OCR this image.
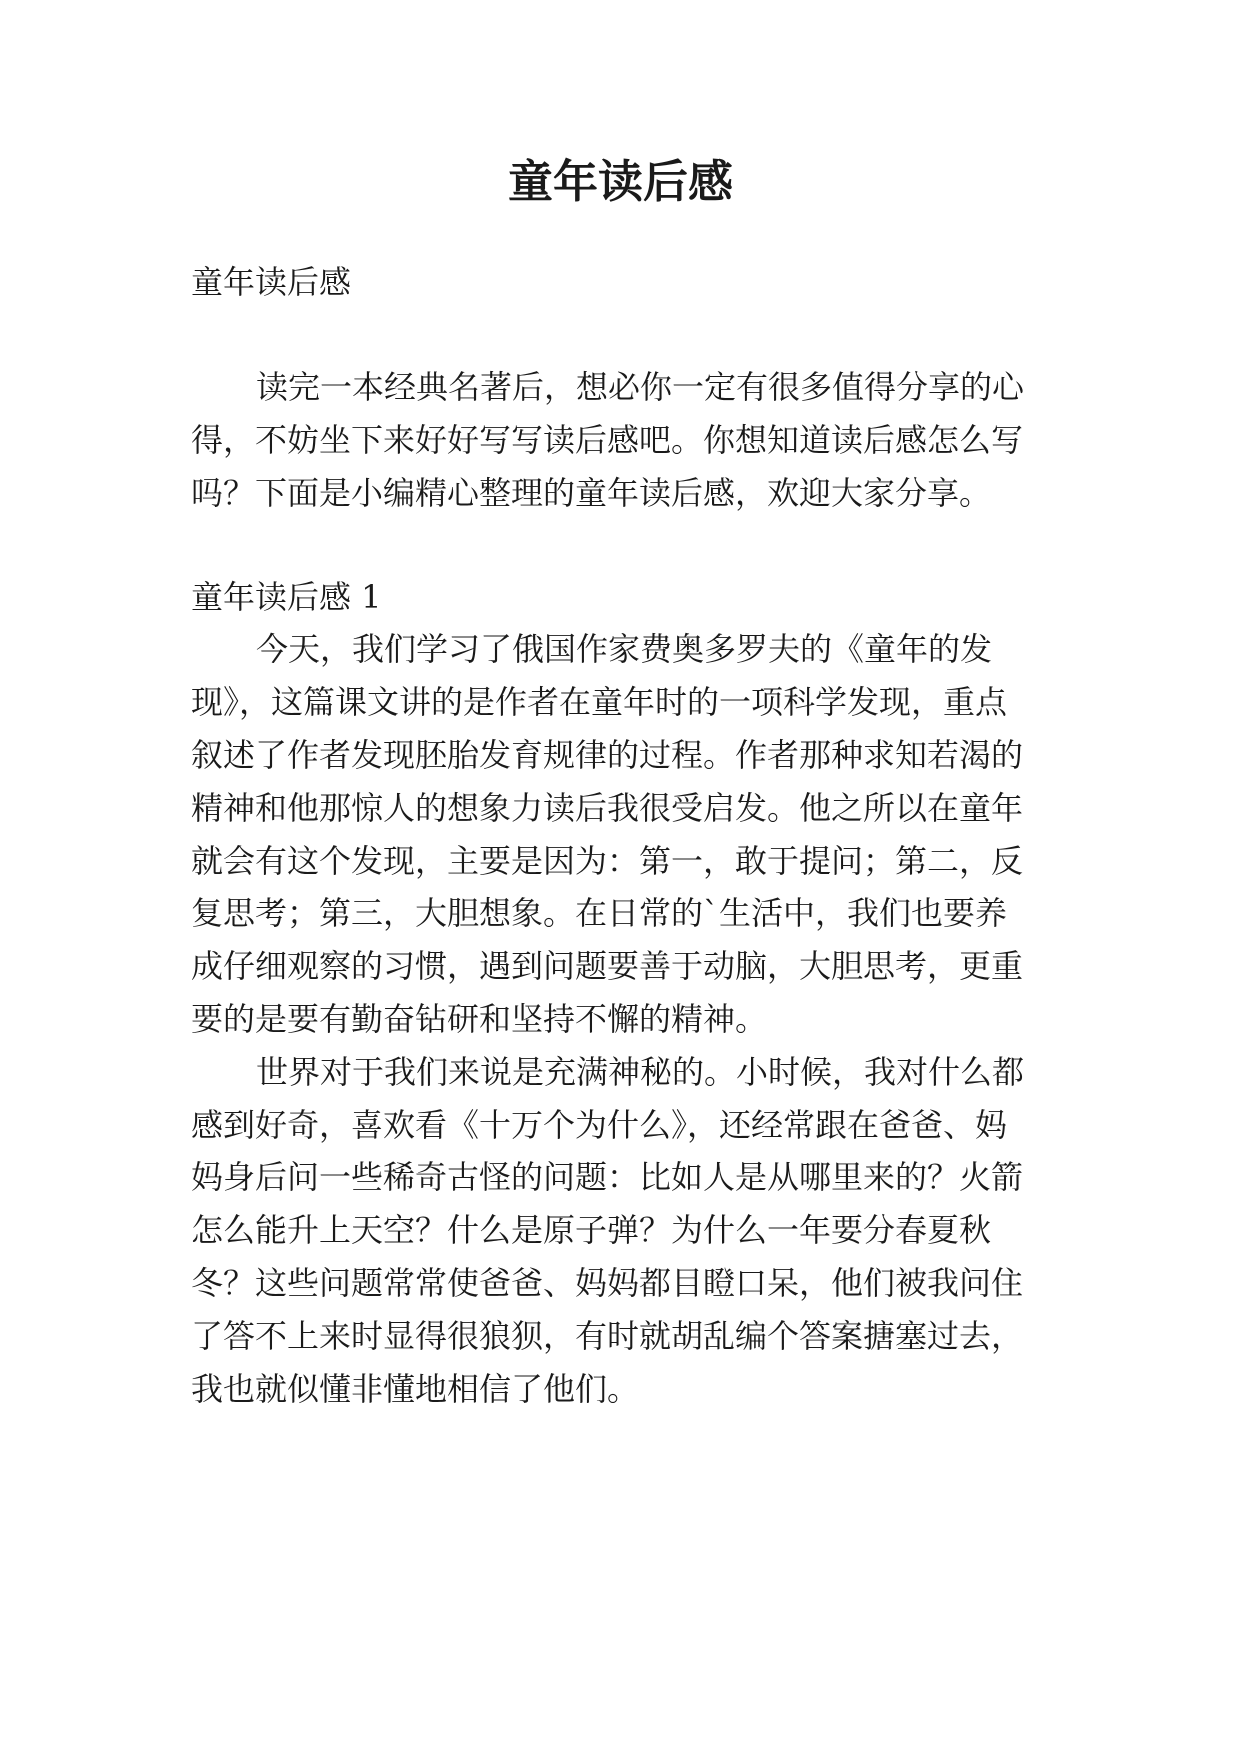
童年读后感

童年读后感

读完一本经典名著后，想必你一定有很多值得分享的心

得，不妨坐下来好好写写读后感吧。你想知道读后感怎么写

吗？下面是小编精心整理的童年读后感，欢迎大家分享。

童年读后感 1

今天，我们学习了俄国作家费奥多罗夫的《童年的发

现》，这篇课文讲的是作者在童年时的一项科学发现，重点

叙述了作者发现胚胎发育规律的过程。作者那种求知若渴的

精神和他那惊人的想象力读后我很受启发。他之所以在童年

就会有这个发现，主要是因为：第一，敢于提问；第二，反

复思考；第三，大胆想象。在日常的`生活中，我们也要养

成仔细观察的习惯，遇到问题要善于动脑，大胆思考，更重

要的是要有勤奋钻研和坚持不懈的精神。

世界对于我们来说是充满神秘的。小时候，我对什么都

感到好奇，喜欢看《十万个为什么》，还经常跟在爸爸、妈

妈身后问一些稀奇古怪的问题：比如人是从哪里来的？火箭

怎么能升上天空？什么是原子弹？为什么一年要分春夏秋

冬？这些问题常常使爸爸、妈妈都目瞪口呆，他们被我问住

了答不上来时显得很狼狈，有时就胡乱编个答案搪塞过去，

我也就似懂非懂地相信了他们。
